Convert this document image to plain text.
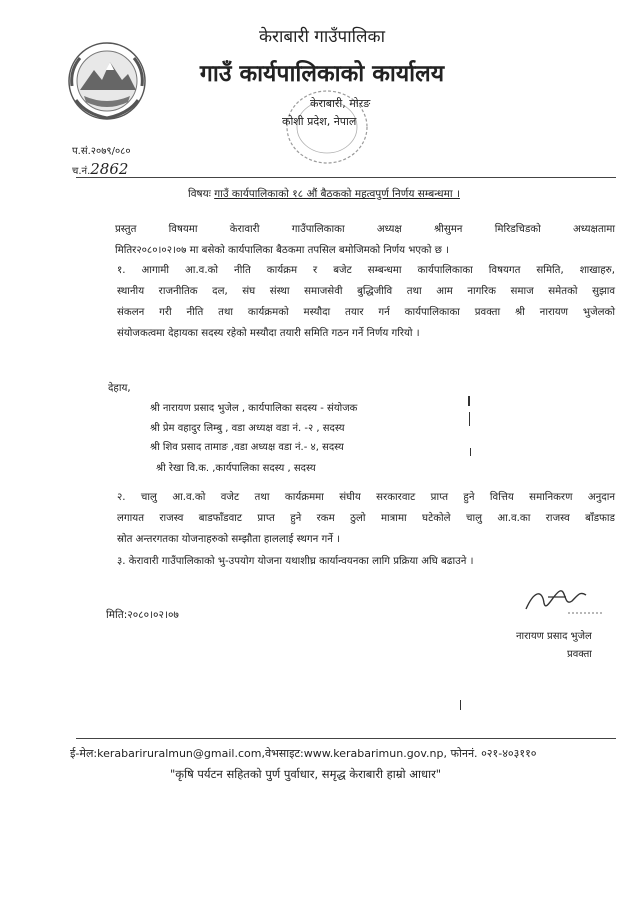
केराबारी गाउँपालिका
गाउँ कार्यपालिकाको कार्यालय
केराबारी, मोरङ
कोशी प्रदेश, नेपाल
प.सं.२०७९/०८०
च.नं.2862
विषयः गाउँ कार्यपालिकाको १८ औं बैठकको महत्वपुर्ण निर्णय सम्बन्धमा ।
प्रस्तुत विषयमा केरावारी गाउँपालिकाका अध्यक्ष श्रीसुमन मिरिडचिडको अध्यक्षतामा
मितिर२०८०।०२।०७ मा बसेको कार्यपालिका बैठकमा तपसिल बमोजिमको निर्णय भएको छ ।
१. आगामी आ.व.को नीति कार्यक्रम र बजेट सम्बन्धमा कार्यपालिकाका विषयगत समिति, शाखाहरु,
स्थानीय राजनीतिक दल, संघ संस्था समाजसेवी बुद्धिजीवि तथा आम नागरिक समाज समेतको सुझाव
संकलन गरी नीति तथा कार्यक्रमको मस्यौदा तयार गर्न कार्यपालिकाका प्रवक्ता श्री नारायण भुजेलको
संयोजकत्वमा देहायका सदस्य रहेको मस्यौदा तयारी समिति गठन गर्ने निर्णय गरियो ।
देहाय,
श्री नारायण प्रसाद भुजेल , कार्यपालिका सदस्य - संयोजक
श्री प्रेम वहादुर लिम्बु , वडा अध्यक्ष वडा नं. -२ , सदस्य
श्री शिव प्रसाद तामाङ ,वडा अध्यक्ष वडा नं.- ४, सदस्य
श्री रेखा वि.क. ,कार्यपालिका सदस्य , सदस्य
२. चालु आ.व.को वजेट तथा कार्यक्रममा संघीय सरकारवाट प्राप्त हुने वित्तिय समानिकरण अनुदान
लगायत राजस्व बाडफाँडवाट प्राप्त हुने रकम ठुलो मात्रामा घटेकोले चालु आ.व.का राजस्व बाँडफाड
स्रोत अन्तरगतका योजनाहरुको सम्झौता हाललाई स्थगन गर्ने ।
३. केरावारी गाउँपालिकाको भु-उपयोग योजना यथाशीघ्र कार्यान्वयनका लागि प्रक्रिया अघि बढाउने ।
मिति:२०८०।०२।०७
नारायण प्रसाद भुजेल
प्रवक्ता
ई-मेल:kerabariruralmun@gmail.com,वेभसाइट:www.kerabarimun.gov.np, फोननं. ०२१-४०३११०
"कृषि पर्यटन सहितको पुर्ण पुर्वाधार, समृद्ध केराबारी हाम्रो आधार"
